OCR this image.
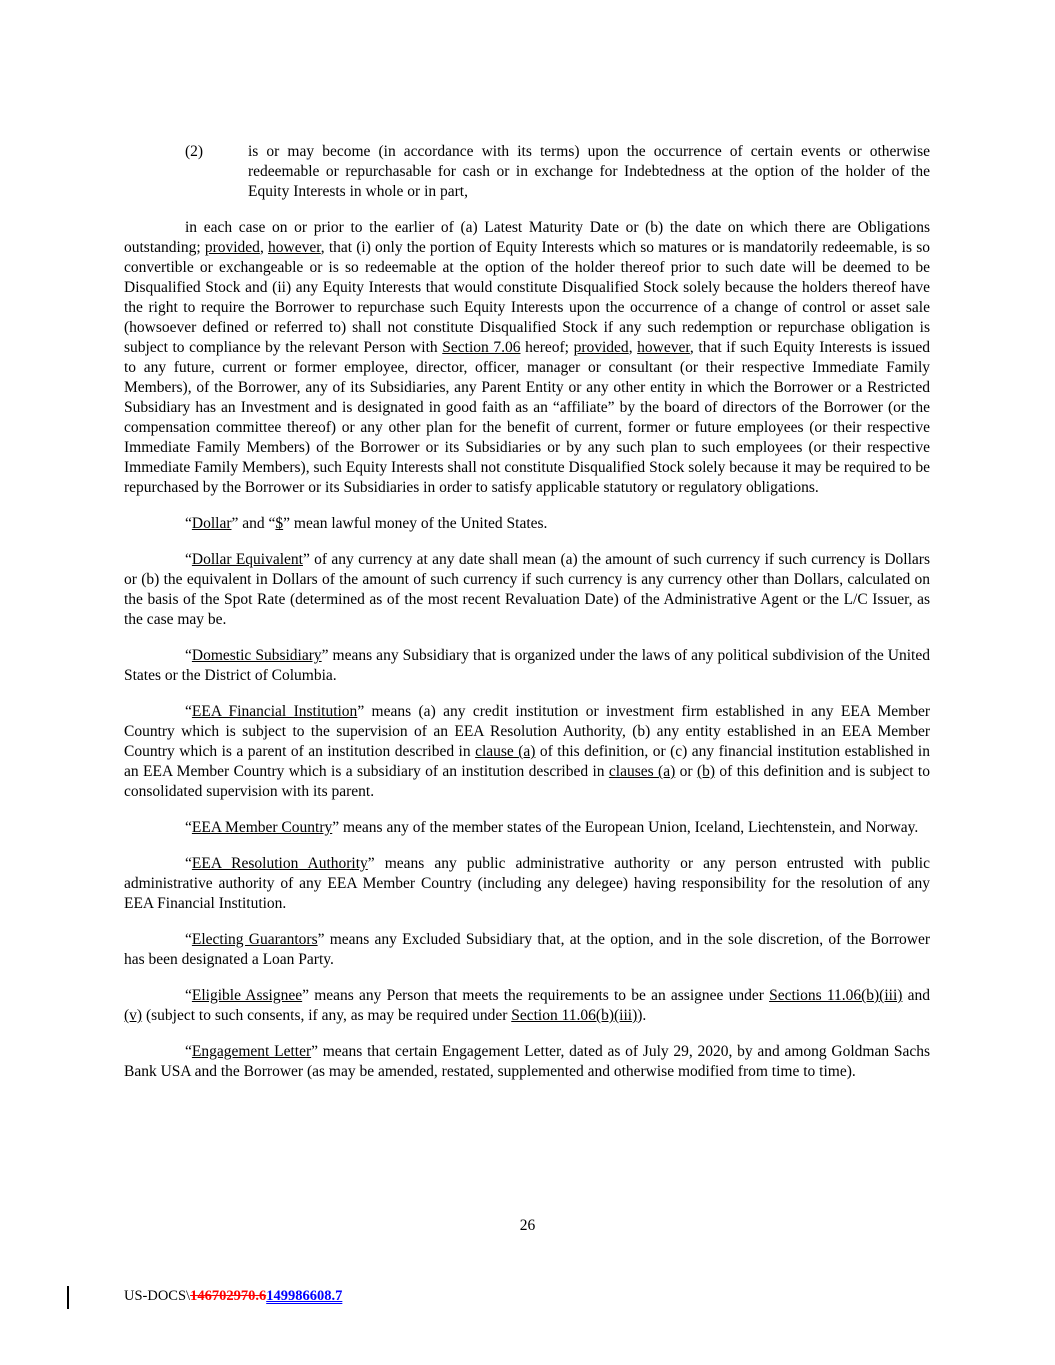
(2)	is or may become (in accordance with its terms) upon the occurrence of certain events or otherwise redeemable or repurchasable for cash or in exchange for Indebtedness at the option of the holder of the Equity Interests in whole or in part,

in each case on or prior to the earlier of (a) Latest Maturity Date or (b) the date on which there are Obligations outstanding; provided, however, that (i) only the portion of Equity Interests which so matures or is mandatorily redeemable, is so convertible or exchangeable or is so redeemable at the option of the holder thereof prior to such date will be deemed to be Disqualified Stock and (ii) any Equity Interests that would constitute Disqualified Stock solely because the holders thereof have the right to require the Borrower to repurchase such Equity Interests upon the occurrence of a change of control or asset sale (howsoever defined or referred to) shall not constitute Disqualified Stock if any such redemption or repurchase obligation is subject to compliance by the relevant Person with Section 7.06 hereof; provided, however, that if such Equity Interests is issued to any future, current or former employee, director, officer, manager or consultant (or their respective Immediate Family Members), of the Borrower, any of its Subsidiaries, any Parent Entity or any other entity in which the Borrower or a Restricted Subsidiary has an Investment and is designated in good faith as an “affiliate” by the board of directors of the Borrower (or the compensation committee thereof) or any other plan for the benefit of current, former or future employees (or their respective Immediate Family Members) of the Borrower or its Subsidiaries or by any such plan to such employees (or their respective Immediate Family Members), such Equity Interests shall not constitute Disqualified Stock solely because it may be required to be repurchased by the Borrower or its Subsidiaries in order to satisfy applicable statutory or regulatory obligations.

“Dollar” and “$” mean lawful money of the United States.

“Dollar Equivalent” of any currency at any date shall mean (a) the amount of such currency if such currency is Dollars or (b) the equivalent in Dollars of the amount of such currency if such currency is any currency other than Dollars, calculated on the basis of the Spot Rate (determined as of the most recent Revaluation Date) of the Administrative Agent or the L/C Issuer, as the case may be.

“Domestic Subsidiary” means any Subsidiary that is organized under the laws of any political subdivision of the United States or the District of Columbia.

“EEA Financial Institution” means (a) any credit institution or investment firm established in any EEA Member Country which is subject to the supervision of an EEA Resolution Authority, (b) any entity established in an EEA Member Country which is a parent of an institution described in clause (a) of this definition, or (c) any financial institution established in an EEA Member Country which is a subsidiary of an institution described in clauses (a) or (b) of this definition and is subject to consolidated supervision with its parent.

“EEA Member Country” means any of the member states of the European Union, Iceland, Liechtenstein, and Norway.

“EEA Resolution Authority” means any public administrative authority or any person entrusted with public administrative authority of any EEA Member Country (including any delegee) having responsibility for the resolution of any EEA Financial Institution.

“Electing Guarantors” means any Excluded Subsidiary that, at the option, and in the sole discretion, of the Borrower has been designated a Loan Party.

“Eligible Assignee” means any Person that meets the requirements to be an assignee under Sections 11.06(b)(iii) and (v) (subject to such consents, if any, as may be required under Section 11.06(b)(iii)).

“Engagement Letter” means that certain Engagement Letter, dated as of July 29, 2020, by and among Goldman Sachs Bank USA and the Borrower (as may be amended, restated, supplemented and otherwise modified from time to time).

26
US-DOCS\146702970.6149986608.7
